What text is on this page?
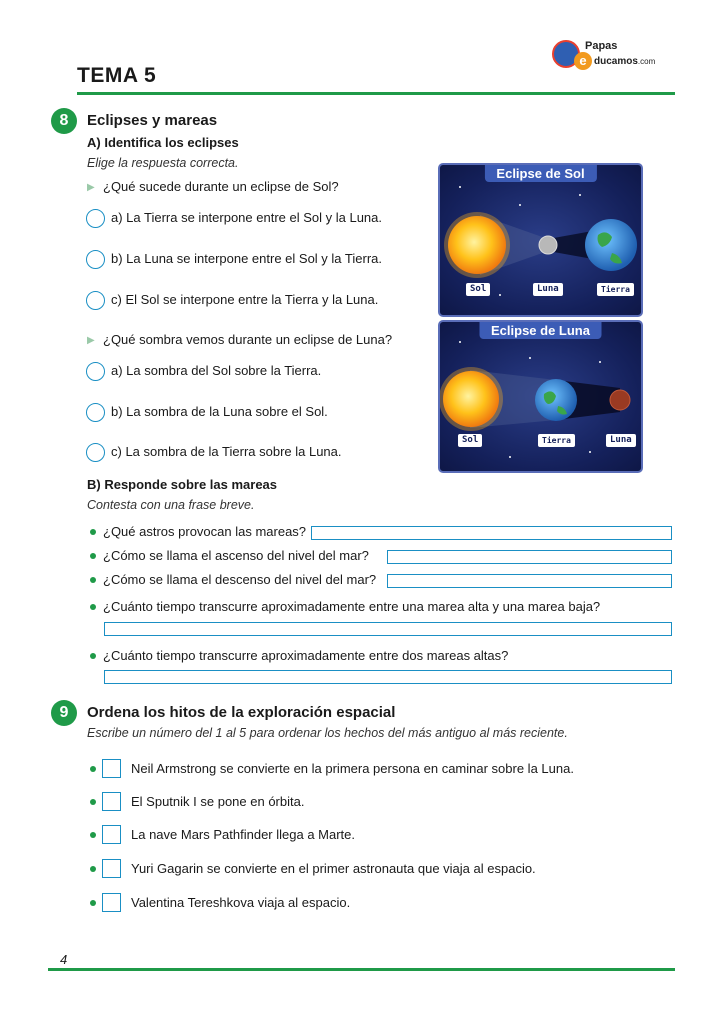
e
Papas
ducamos.com
TEMA 5
8	Eclipses y mareas
A) Identifica los eclipses
Elige la respuesta correcta.
▶ ¿Qué sucede durante un eclipse de Sol?
a) La Tierra se interpone entre el Sol y la Luna.
b) La Luna se interpone entre el Sol y la Tierra.
c) El Sol se interpone entre la Tierra y la Luna.
▶ ¿Qué sombra vemos durante un eclipse de Luna?
a) La sombra del Sol sobre la Tierra.
b) La sombra de la Luna sobre el Sol.
c) La sombra de la Tierra sobre la Luna.
Eclipse de Sol
Sol	Luna	Tierra
Eclipse de Luna
Sol	Tierra	Luna
B) Responde sobre las mareas
Contesta con una frase breve.
¿Qué astros provocan las mareas?
¿Cómo se llama el ascenso del nivel del mar?
¿Cómo se llama el descenso del nivel del mar?
¿Cuánto tiempo transcurre aproximadamente entre una marea alta y una marea baja?
¿Cuánto tiempo transcurre aproximadamente entre dos mareas altas?
9	Ordena los hitos de la exploración espacial
Escribe un número del 1 al 5 para ordenar los hechos del más antiguo al más reciente.
Neil Armstrong se convierte en la primera persona en caminar sobre la Luna.
El Sputnik I se pone en órbita.
La nave Mars Pathfinder llega a Marte.
Yuri Gagarin se convierte en el primer astronauta que viaja al espacio.
Valentina Tereshkova viaja al espacio.
4
